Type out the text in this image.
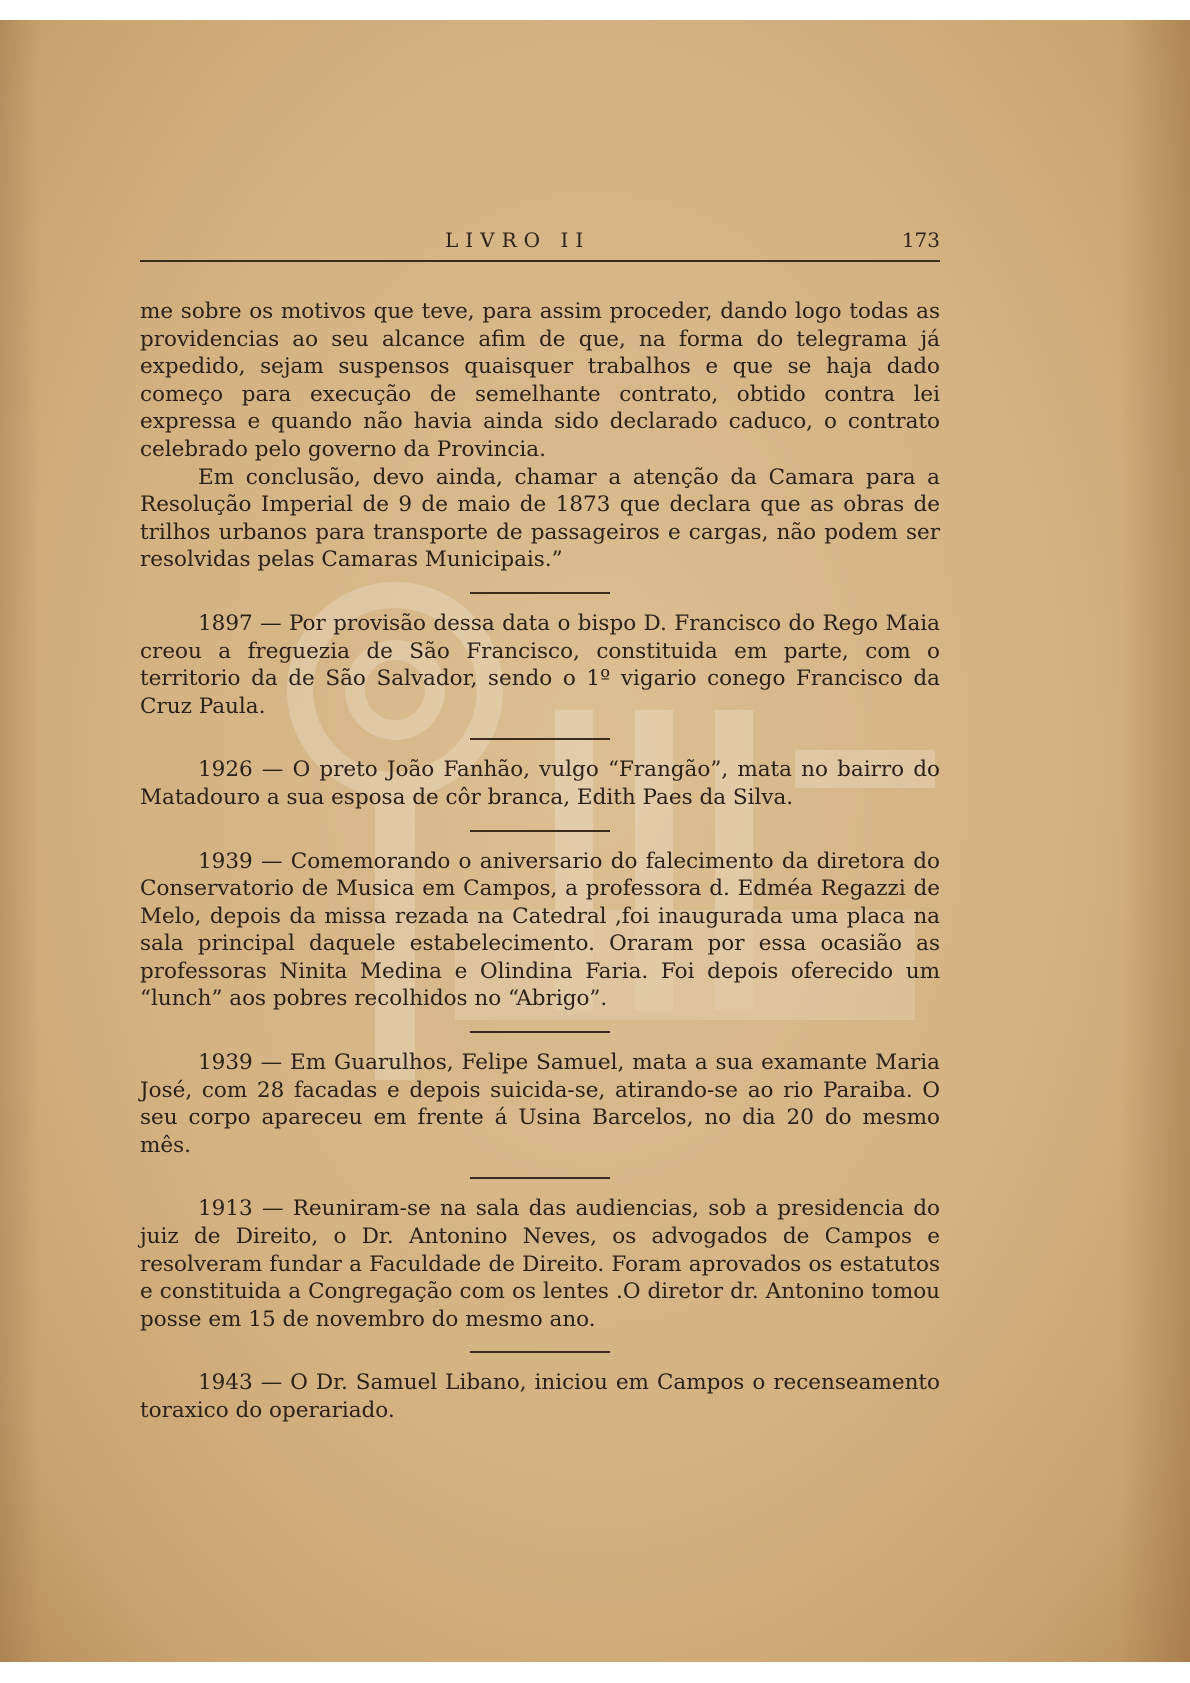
LIVRO II	173

me sobre os motivos que teve, para assim proceder, dando logo todas as providencias ao seu alcance afim de que, na forma do telegrama já expedido, sejam suspensos quaisquer trabalhos e que se haja dado começo para execução de semelhante contrato, obtido contra lei expressa e quando não havia ainda sido declarado caduco, o contrato celebrado pelo governo da Provincia.

Em conclusão, devo ainda, chamar a atenção da Camara para a Resolução Imperial de 9 de maio de 1873 que declara que as obras de trilhos urbanos para transporte de passageiros e cargas, não podem ser resolvidas pelas Camaras Municipais.”

1897 — Por provisão dessa data o bispo D. Francisco do Rego Maia creou a freguezia de São Francisco, constituida em parte, com o territorio da de São Salvador, sendo o 1º vigario conego Francisco da Cruz Paula.

1926 — O preto João Fanhão, vulgo “Frangão”, mata no bairro do Matadouro a sua esposa de côr branca, Edith Paes da Silva.

1939 — Comemorando o aniversario do falecimento da diretora do Conservatorio de Musica em Campos, a professora d. Edméa Regazzi de Melo, depois da missa rezada na Catedral ,foi inaugurada uma placa na sala principal daquele estabelecimento. Oraram por essa ocasião as professoras Ninita Medina e Olindina Faria. Foi depois oferecido um “lunch” aos pobres recolhidos no “Abrigo”.

1939 — Em Guarulhos, Felipe Samuel, mata a sua examante Maria José, com 28 facadas e depois suicida-se, atirando-se ao rio Paraiba. O seu corpo apareceu em frente á Usina Barcelos, no dia 20 do mesmo mês.

1913 — Reuniram-se na sala das audiencias, sob a presidencia do juiz de Direito, o Dr. Antonino Neves, os advogados de Campos e resolveram fundar a Faculdade de Direito. Foram aprovados os estatutos e constituida a Congregação com os lentes .O diretor dr. Antonino tomou posse em 15 de novembro do mesmo ano.

1943 — O Dr. Samuel Libano, iniciou em Campos o recenseamento toraxico do operariado.
